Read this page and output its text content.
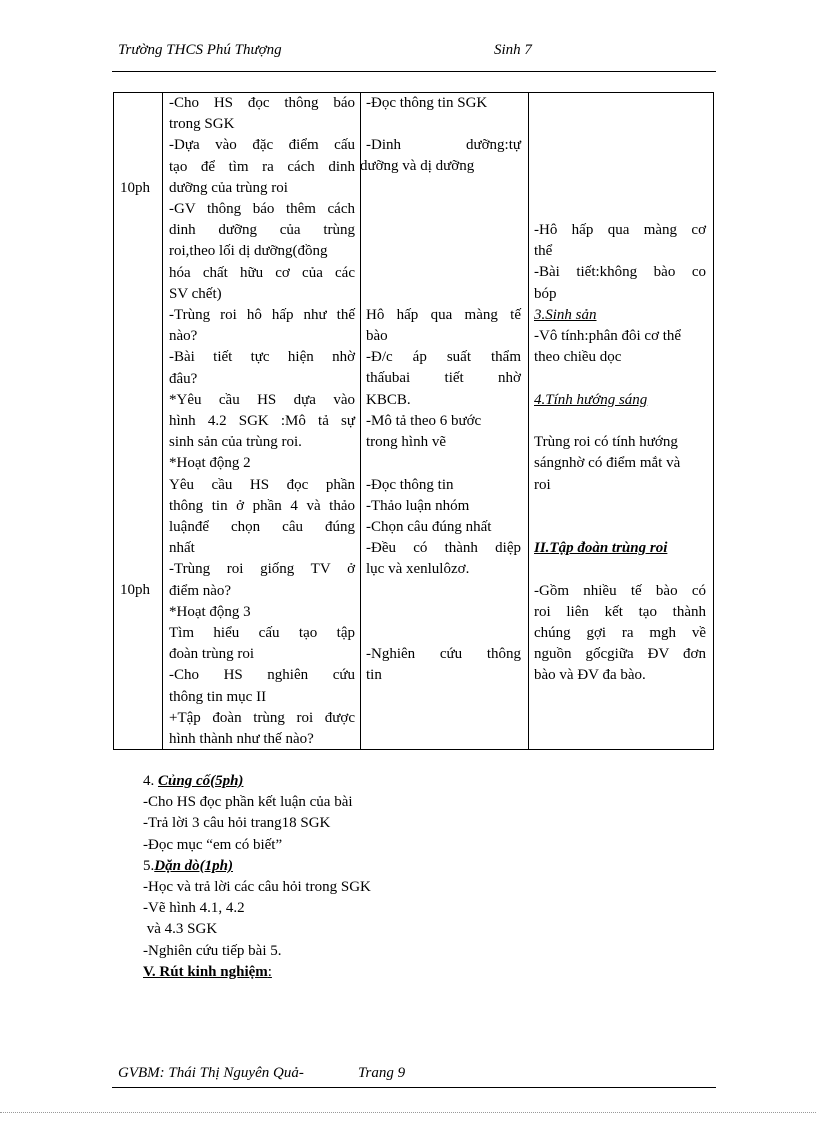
Trường THCS Phú Thượng	Sinh 7
10ph
10ph

-Cho HS đọc thông báo

trong SGK

-Dựa vào đặc điểm cấu

tạo để tìm ra cách dinh

dưỡng của trùng roi

-GV thông báo thêm cách

dinh dưỡng của trùng

roi,theo lối dị dưỡng(đồng

hóa chất hữu cơ của các

SV chết)

-Trùng roi hô hấp như thế

nào?

-Bài tiết tực hiện nhờ

đâu?

*Yêu cầu HS dựa vào

hình 4.2 SGK :Mô tả sự

sinh sản của trùng roi.

*Hoạt động 2

Yêu cầu HS đọc phần

thông tin ở phần 4 và thảo

luậnđể chọn câu đúng

nhất

-Trùng roi giống TV ở

điểm nào?

*Hoạt động 3

Tìm hiểu cấu tạo tập

đoàn trùng roi

-Cho HS nghiên cứu

thông tin mục II

+Tập đoàn trùng roi được

hình thành như thế nào?

-Đọc thông tin SGK

-Dinh dưỡng:tự

dưỡng và dị dưỡng

Hô hấp qua màng tế

bào

-Đ/c áp suất thẩm

thấubai tiết nhờ

KBCB.

-Mô tả theo 6 bước

trong hình vẽ

-Đọc thông tin

-Thảo luận nhóm

-Chọn câu đúng nhất

-Đều có thành diệp

lục và xenlulôzơ.

-Nghiên cứu thông

tin

-Hô hấp qua màng cơ

thể

-Bài tiết:không bào co

bóp

3.Sinh sản

-Vô tính:phân đôi cơ thể

theo chiều dọc

4.Tính hướng sáng

Trùng roi có tính hướng

sángnhờ có điểm mắt và

roi

II.Tập đoàn trùng roi

-Gồm nhiều tế bào có

roi liên kết tạo thành

chúng gợi ra mgh về

nguồn gốcgiữa ĐV đơn

bào và ĐV đa bào.

4. Củng cố(5ph)

-Cho HS đọc phần kết luận của bài

-Trả lời 3 câu hỏi trang18 SGK

-Đọc mục “em có biết”

5.Dặn dò(1ph)

-Học và trả lời các câu hỏi trong SGK

-Vẽ hình 4.1, 4.2

và 4.3 SGK

-Nghiên cứu tiếp bài 5.

V. Rút kinh nghiệm:

GVBM: Thái Thị Nguyên Quả-	Trang 9
